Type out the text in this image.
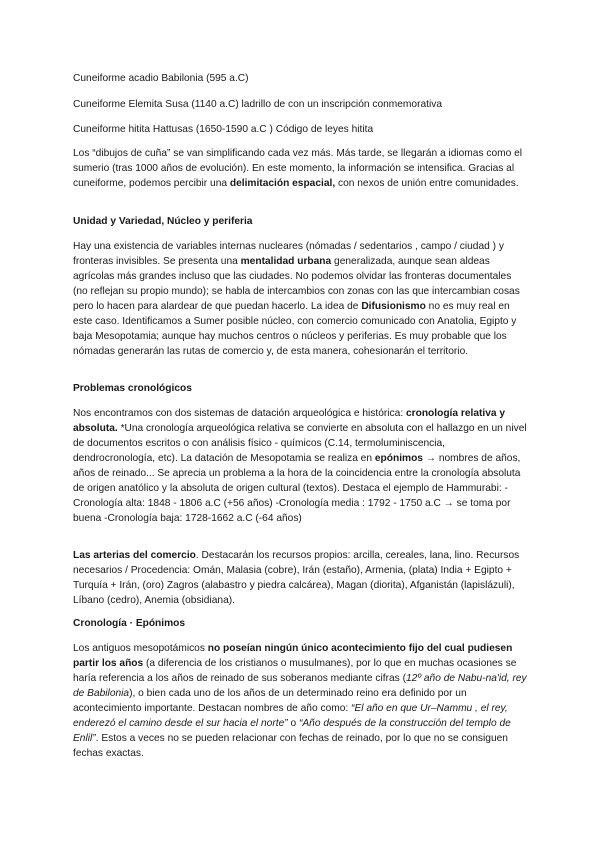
Cuneiforme acadio Babilonia (595 a.C)

Cuneiforme Elemita Susa (1140 a.C) ladrillo de con un inscripción conmemorativa

Cuneiforme hitita Hattusas (1650-1590 a.C ) Código de leyes hitita

Los “dibujos de cuña” se van simplificando cada vez más. Más tarde, se llegarán a idiomas como el sumerio (tras 1000 años de evolución). En este momento, la información se intensifica. Gracias al cuneiforme, podemos percibir una delimitación espacial, con nexos de unión entre comunidades.

Unidad y Variedad, Núcleo y periferia

Hay una existencia de variables internas nucleares (nómadas / sedentarios , campo / ciudad ) y fronteras invisibles. Se presenta una mentalidad urbana generalizada, aunque sean aldeas agrícolas más grandes incluso que las ciudades. No podemos olvidar las fronteras documentales (no reflejan su propio mundo); se habla de intercambios con zonas con las que intercambian cosas pero lo hacen para alardear de que puedan hacerlo. La idea de Difusionismo no es muy real en este caso. Identificamos a Sumer posible núcleo, con comercio comunicado con Anatolia, Egipto y baja Mesopotamia; aunque hay muchos centros o núcleos y periferias. Es muy probable que los nómadas generarán las rutas de comercio y, de esta manera, cohesionarán el territorio.

Problemas cronológicos

Nos encontramos con dos sistemas de datación arqueológica e histórica: cronología relativa y absoluta. *Una cronología arqueológica relativa se convierte en absoluta con el hallazgo en un nivel de documentos escritos o con análisis físico - químicos (C.14, termoluminiscencia, dendrocronología, etc). La datación de Mesopotamia se realiza en epónimos → nombres de años, años de reinado... Se aprecia un problema a la hora de la coincidencia entre la cronología absoluta de origen anatólico y la absoluta de origen cultural (textos). Destaca el ejemplo de Hammurabi: -Cronología alta: 1848 - 1806 a.C (+56 años) -Cronología media : 1792 - 1750 a.C → se toma por buena -Cronología baja: 1728-1662 a.C (-64 años)

Las arterias del comercio. Destacarán los recursos propios: arcilla, cereales, lana, lino. Recursos necesarios / Procedencia: Omán, Malasia (cobre), Irán (estaño), Armenia, (plata) India + Egipto + Turquía + Irán, (oro) Zagros (alabastro y piedra calcárea), Magan (diorita), Afganistán (lapislázuli), Líbano (cedro), Anemia (obsidiana).

Cronología · Epónimos

Los antiguos mesopotámicos no poseían ningún único acontecimiento fijo del cual pudiesen partir los años (a diferencia de los cristianos o musulmanes), por lo que en muchas ocasiones se haría referencia a los años de reinado de sus soberanos mediante cifras (12º año de Nabu-na'id, rey de Babilonia), o bien cada uno de los años de un determinado reino era definido por un acontecimiento importante. Destacan nombres de año como: “El año en que Ur–Nammu , el rey, enderezó el camino desde el sur hacia el norte” o “Año después de la construcción del templo de Enlil”. Estos a veces no se pueden relacionar con fechas de reinado, por lo que no se consiguen fechas exactas.
